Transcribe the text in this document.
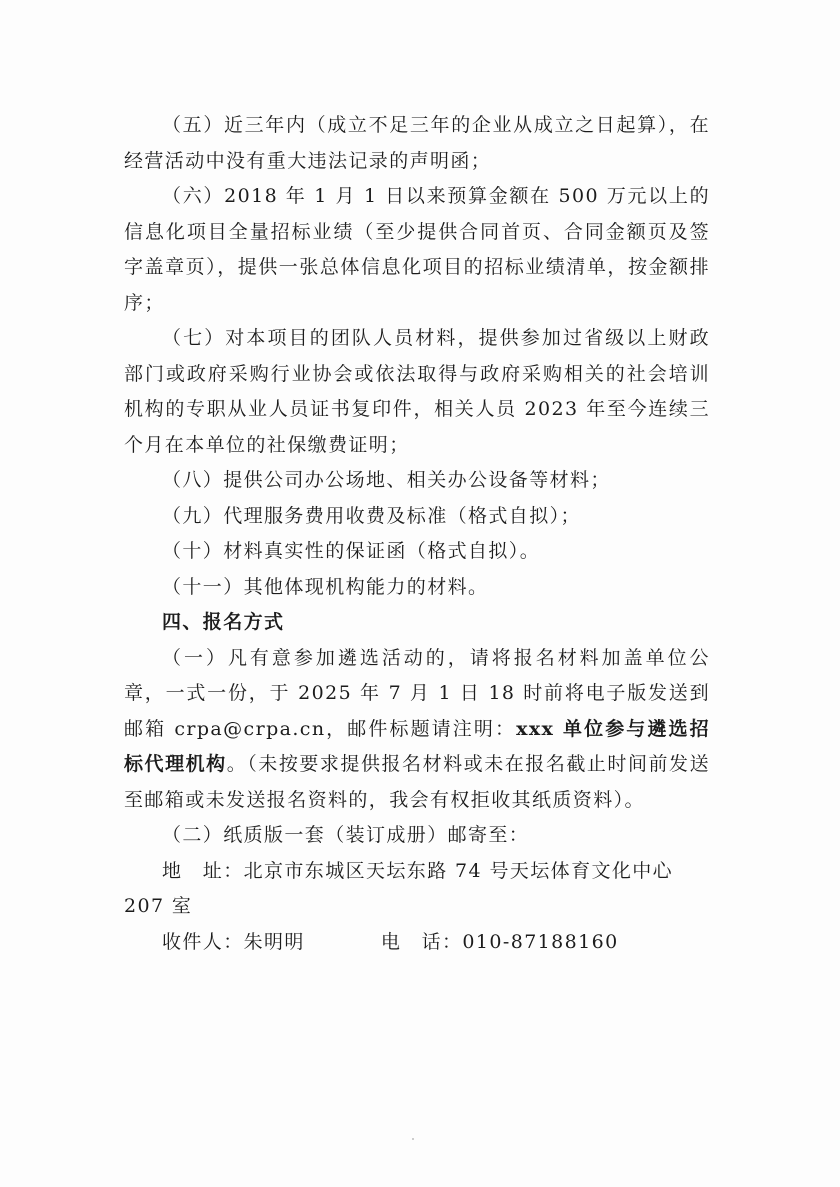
（五）近三年内（成立不足三年的企业从成立之日起算），在经营活动中没有重大违法记录的声明函；

（六）2018 年 1 月 1 日以来预算金额在 500 万元以上的信息化项目全量招标业绩（至少提供合同首页、合同金额页及签字盖章页），提供一张总体信息化项目的招标业绩清单，按金额排序；

（七）对本项目的团队人员材料，提供参加过省级以上财政部门或政府采购行业协会或依法取得与政府采购相关的社会培训机构的专职从业人员证书复印件，相关人员 2023 年至今连续三个月在本单位的社保缴费证明；

（八）提供公司办公场地、相关办公设备等材料；

（九）代理服务费用收费及标准（格式自拟）；

（十）材料真实性的保证函（格式自拟）。

（十一）其他体现机构能力的材料。

四、报名方式

（一）凡有意参加遴选活动的，请将报名材料加盖单位公章，一式一份，于 2025 年 7 月 1 日 18 时前将电子版发送到邮箱 crpa@crpa.cn，邮件标题请注明：xxx 单位参与遴选招标代理机构。（未按要求提供报名材料或未在报名截止时间前发送至邮箱或未发送报名资料的，我会有权拒收其纸质资料）。

（二）纸质版一套（装订成册）邮寄至：

地　址：北京市东城区天坛东路 74 号天坛体育文化中心 207 室

收件人：朱明明	电　话：010-87188160
